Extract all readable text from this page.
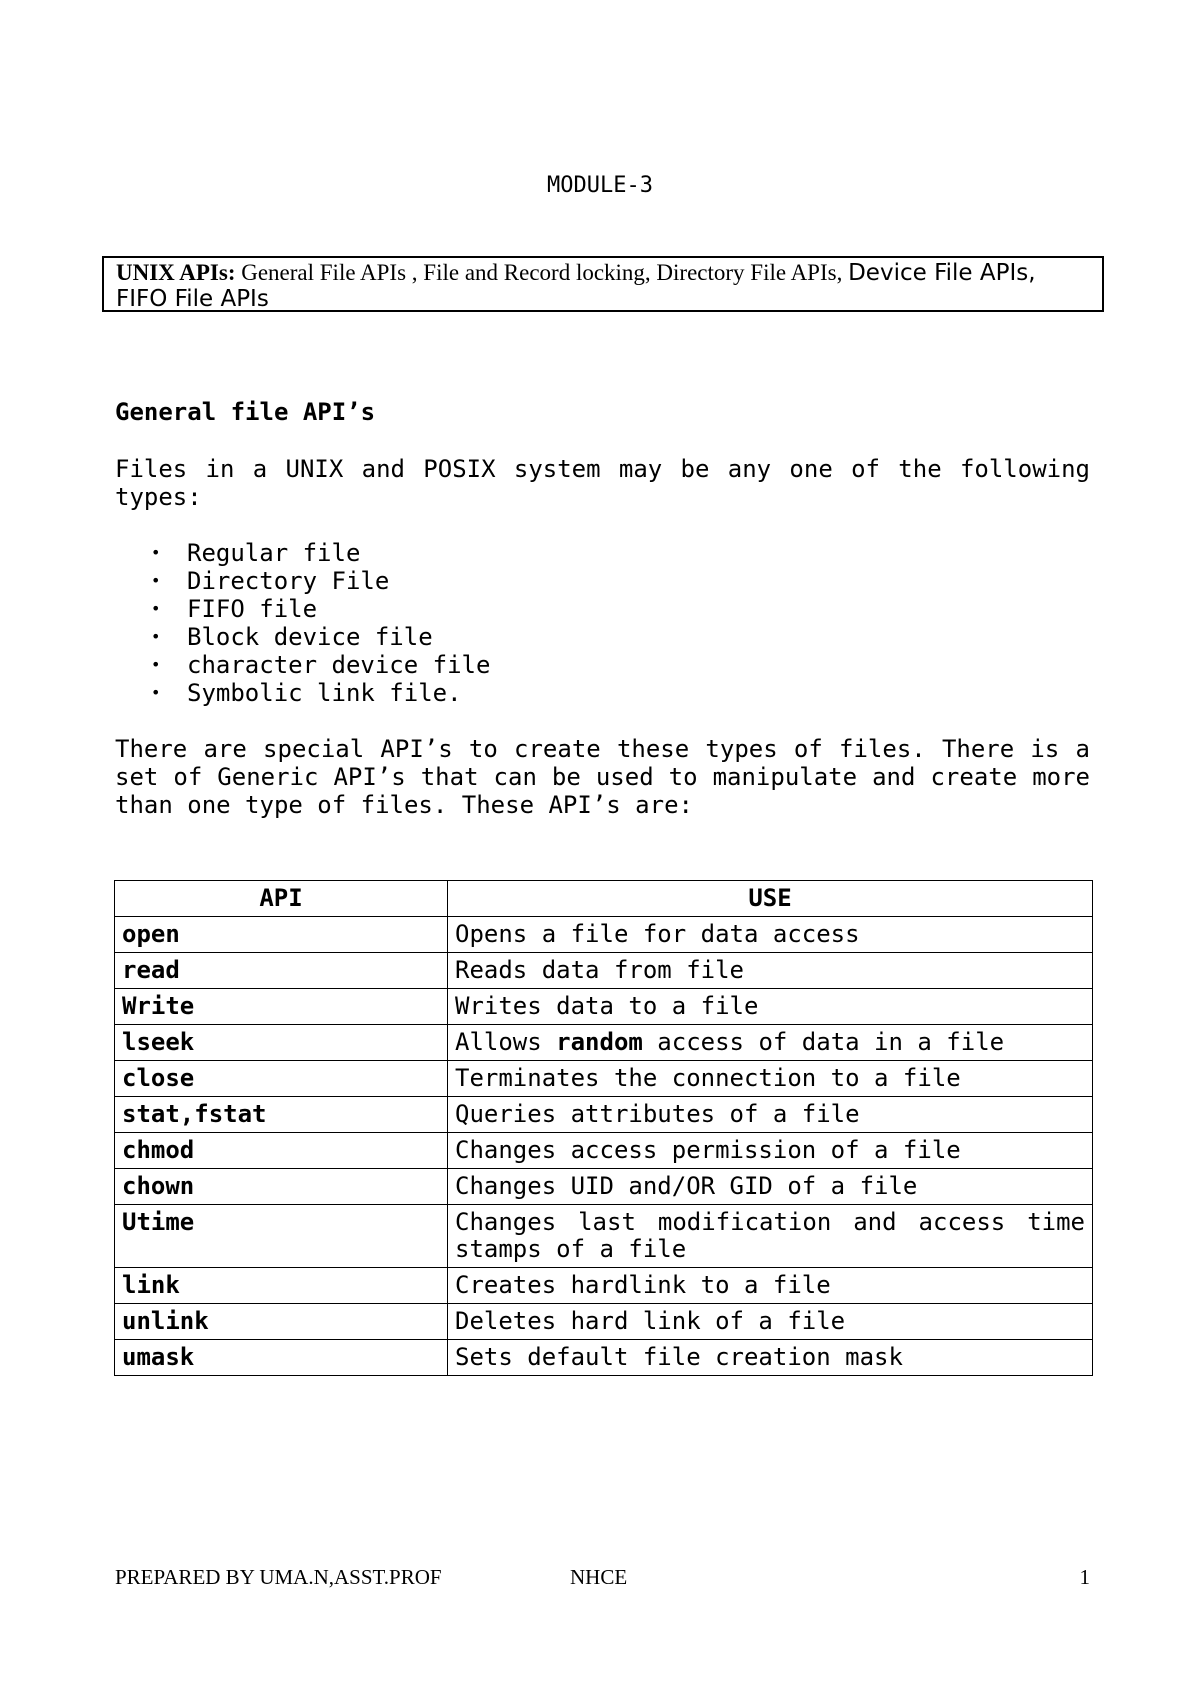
MODULE-3
UNIX APIs: General File APIs , File and Record locking, Directory File APIs, Device File APIs,
FIFO File APIs

General file API’s

Files in a UNIX and POSIX system may be any one of the following types:

•	Regular file
•	Directory File
•	FIFO file
•	Block device file
•	character device file
•	Symbolic link file.

There are special API’s to create these types of files. There is a set of Generic API’s that can be used to manipulate and create more than one type of files. These API’s are:

API	USE
open	Opens a file for data access
read	Reads data from file
Write	Writes data to a file
lseek	Allows random access of data in a file
close	Terminates the connection to a file
stat,fstat	Queries attributes of a file
chmod	Changes access permission of a file
chown	Changes UID and/OR GID of a file
Utime	Changes last modification and access time stamps of a file
link	Creates hardlink to a file
unlink	Deletes hard link of a file
umask	Sets default file creation mask
PREPARED BY UMA.N,ASST.PROF	NHCE	1
